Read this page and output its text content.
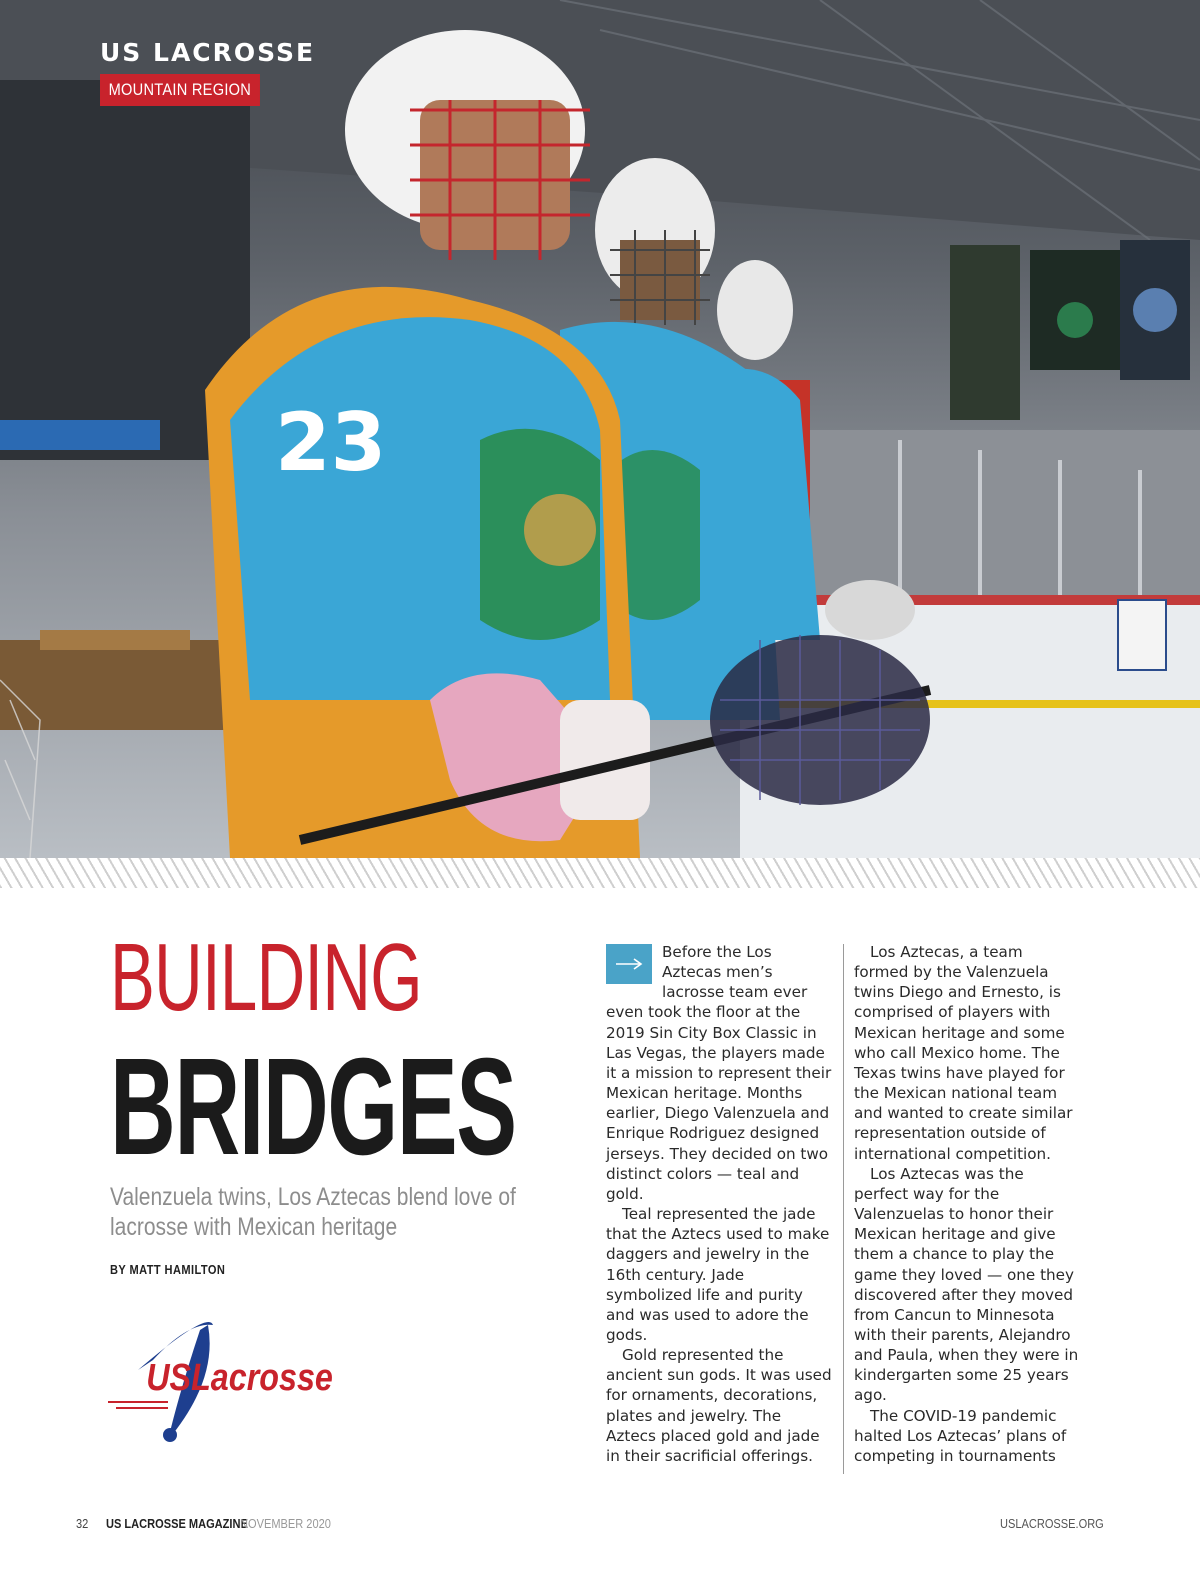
23
US LACROSSE
MOUNTAIN REGION
BUILDING
BRIDGES
Valenzuela twins, Los Aztecas blend love of lacrosse with Mexican heritage
BY MATT HAMILTON
USLacrosse

Before the Los Aztecas men’s lacrosse team ever even took the floor at the 2019 Sin City Box Classic in Las Vegas, the players made it a mission to represent their Mexican heritage. Months earlier, Diego Valenzuela and Enrique Rodriguez designed jerseys. They decided on two distinct colors — teal and gold.

Teal represented the jade that the Aztecs used to make daggers and jewelry in the 16th century. Jade symbolized life and purity and was used to adore the gods.

Gold represented the ancient sun gods. It was used for ornaments, decorations, plates and jewelry. The Aztecs placed gold and jade in their sacrificial offerings.

Los Aztecas, a team formed by the Valenzuela twins Diego and Ernesto, is comprised of players with Mexican heritage and some who call Mexico home. The Texas twins have played for the Mexican national team and wanted to create similar representation outside of international competition.

Los Aztecas was the perfect way for the Valenzuelas to honor their Mexican heritage and give them a chance to play the game they loved — one they discovered after they moved from Cancun to Minnesota with their parents, Alejandro and Paula, when they were in kindergarten some 25 years ago.

The COVID-19 pandemic halted Los Aztecas’ plans of competing in tournaments

32 US LACROSSE MAGAZINE
NOVEMBER 2020	USLACROSSE.ORG
